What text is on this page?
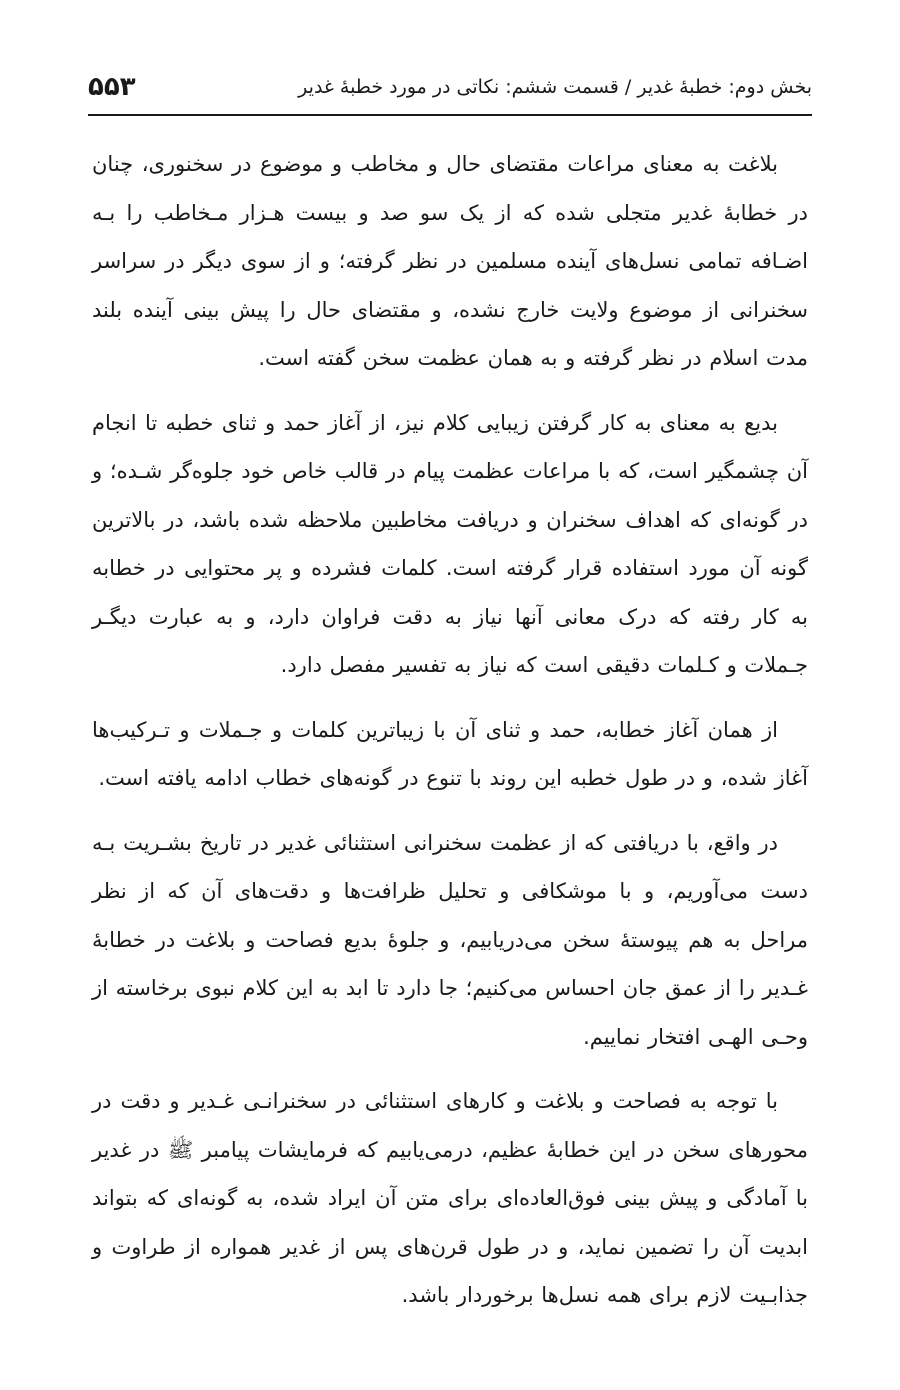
بخش دوم: خطبهٔ غدیر / قسمت ششم: نکاتی در مورد خطبهٔ غدیر
۵۵۳

بلاغت به معنای مراعات مقتضای حال و مخاطب و موضوع در سخنوری، چنان در خطابهٔ غدیر متجلی شده که از یک سو صد و بیست هـزار مـخاطب را بـه اضـافه تمامی نسل‌های آینده مسلمین در نظر گرفته؛ و از سوی دیگر در سراسر سخنرانی از موضوع ولایت خارج نشده، و مقتضای حال را پیش بینی آینده بلند مدت اسلام در نظر گرفته و به همان عظمت سخن گفته است.

بدیع به معنای به کار گرفتن زیبایی کلام نیز، از آغاز حمد و ثنای خطبه تا انجام آن چشمگیر است، که با مراعات عظمت پیام در قالب خاص خود جلوه‌گر شـده؛ و در گونه‌ای که اهداف سخنران و دریافت مخاطبین ملاحظه شده باشد، در بالاترین گونه آن مورد استفاده قرار گرفته است. کلمات فشرده و پر محتوایی در خطابه به کار رفته که درک معانی آنها نیاز به دقت فراوان دارد، و به عبارت دیگـر جـملات و کـلمات دقیقی است که نیاز به تفسیر مفصل دارد.

از همان آغاز خطابه، حمد و ثنای آن با زیباترین کلمات و جـملات و تـرکیب‌ها آغاز شده، و در طول خطبه این روند با تنوع در گونه‌های خطاب ادامه یافته است.

در واقع، با دریافتی که از عظمت سخنرانی استثنائی غدیر در تاریخ بشـریت بـه دست می‌آوریم، و با موشکافی و تحلیل ظرافت‌ها و دقت‌های آن که از نظر مراحل به هم پیوستهٔ سخن می‌دریابیم، و جلوهٔ بدیع فصاحت و بلاغت در خطابهٔ غـدیر را از عمق جان احساس می‌کنیم؛ جا دارد تا ابد به این کلام نبوی برخاسته از وحـی الهـی افتخار نماییم.

با توجه به فصاحت و بلاغت و کارهای استثنائی در سخنرانـی غـدیر و دقت در محورهای سخن در این خطابهٔ عظیم، درمی‌یابیم که فرمایشات پیامبر ﷺ در غدیر با آمادگی و پیش بینی فوق‌العاده‌ای برای متن آن ایراد شده، به گونه‌ای که بتواند ابدیت آن را تضمین نماید، و در طول قرن‌های پس از غدیر همواره از طراوت و جذابـیت لازم برای همه نسل‌ها برخوردار باشد.
